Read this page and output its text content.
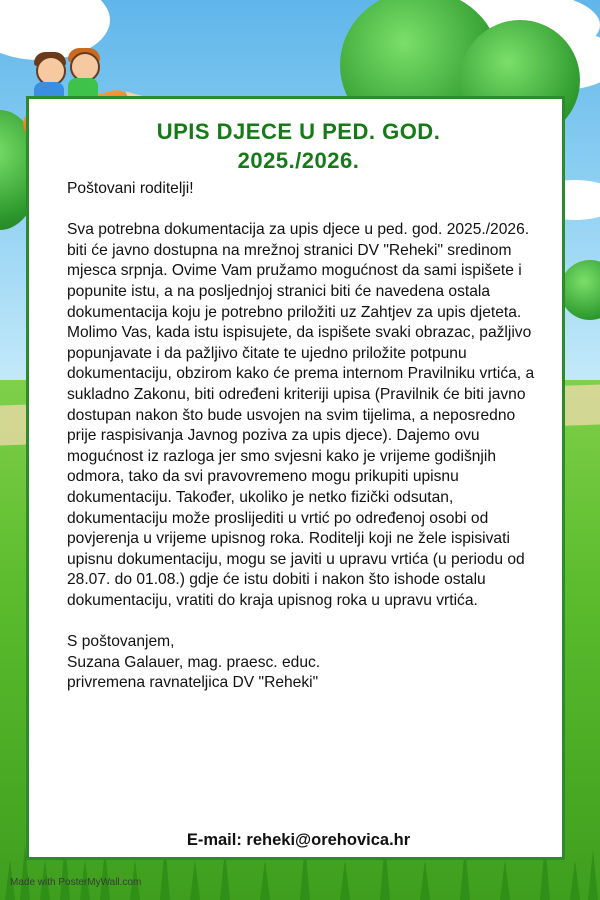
UPIS DJECE U PED. GOD.
2025./2026.

Poštovani roditelji!

Sva potrebna dokumentacija za upis djece u ped. god. 2025./2026. biti će javno dostupna na mrežnoj stranici DV "Reheki" sredinom mjesca srpnja. Ovime Vam pružamo mogućnost da sami ispišete i popunite istu, a na posljednjoj stranici biti će navedena ostala dokumentacija koju je potrebno priložiti uz Zahtjev za upis djeteta. Molimo Vas, kada istu ispisujete, da ispišete svaki obrazac, pažljivo popunjavate i da pažljivo čitate te ujedno priložite potpunu dokumentaciju, obzirom kako će prema internom Pravilniku vrtića, a sukladno Zakonu, biti određeni kriteriji upisa (Pravilnik će biti javno dostupan nakon što bude usvojen na svim tijelima, a neposredno prije raspisivanja Javnog poziva za upis djece). Dajemo ovu mogućnost iz razloga jer smo svjesni kako je vrijeme godišnjih odmora, tako da svi pravovremeno mogu prikupiti upisnu dokumentaciju. Također, ukoliko je netko fizički odsutan, dokumentaciju može proslijediti u vrtić po određenoj osobi od povjerenja u vrijeme upisnog roka. Roditelji koji ne žele ispisivati upisnu dokumentaciju, mogu se javiti u upravu vrtića (u periodu od 28.07. do 01.08.) gdje će istu dobiti i nakon što ishode ostalu dokumentaciju, vratiti do kraja upisnog roka u upravu vrtića.

S poštovanjem,

Suzana Galauer, mag. praesc. educ.

privremena ravnateljica DV "Reheki"

E-mail: reheki@orehovica.hr
Made with PosterMyWall.com
